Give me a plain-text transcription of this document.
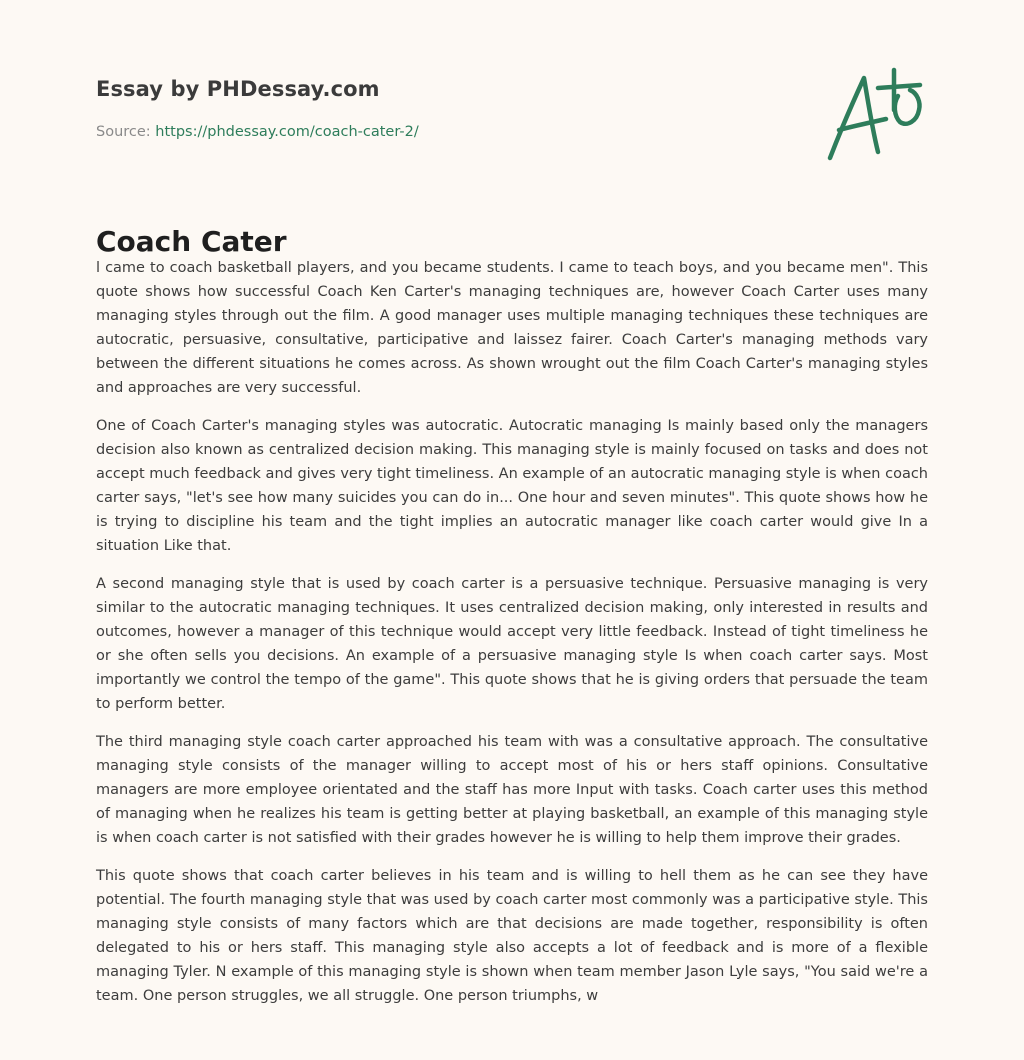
Essay by PHDessay.com
Source: https://phdessay.com/coach-cater-2/
Coach Cater

l came to coach basketball players, and you became students. I came to teach boys, and you became men". This quote shows how successful Coach Ken Carter's managing techniques are, however Coach Carter uses many managing styles through out the film. A good manager uses multiple managing techniques these techniques are autocratic, persuasive, consultative, participative and laissez fairer. Coach Carter's managing methods vary between the different situations he comes across. As shown wrought out the film Coach Carter's managing styles and approaches are very successful.

One of Coach Carter's managing styles was autocratic. Autocratic managing Is mainly based only the managers decision also known as centralized decision making. This managing style is mainly focused on tasks and does not accept much feedback and gives very tight timeliness. An example of an autocratic managing style is when coach carter says, "let's see how many suicides you can do in... One hour and seven minutes". This quote shows how he is trying to discipline his team and the tight implies an autocratic manager like coach carter would give In a situation Like that.

A second managing style that is used by coach carter is a persuasive technique. Persuasive managing is very similar to the autocratic managing techniques. It uses centralized decision making, only interested in results and outcomes, however a manager of this technique would accept very little feedback. Instead of tight timeliness he or she often sells you decisions. An example of a persuasive managing style Is when coach carter says. Most importantly we control the tempo of the game". This quote shows that he is giving orders that persuade the team to perform better.

The third managing style coach carter approached his team with was a consultative approach. The consultative managing style consists of the manager willing to accept most of his or hers staff opinions. Consultative managers are more employee orientated and the staff has more Input with tasks. Coach carter uses this method of managing when he realizes his team is getting better at playing basketball, an example of this managing style is when coach carter is not satisfied with their grades however he is willing to help them improve their grades.

This quote shows that coach carter believes in his team and is willing to hell them as he can see they have potential. The fourth managing style that was used by coach carter most commonly was a participative style. This managing style consists of many factors which are that decisions are made together, responsibility is often delegated to his or hers staff. This managing style also accepts a lot of feedback and is more of a flexible managing Tyler. N example of this managing style is shown when team member Jason Lyle says, "You said we're a team. One person struggles, we all struggle. One person triumphs, w
